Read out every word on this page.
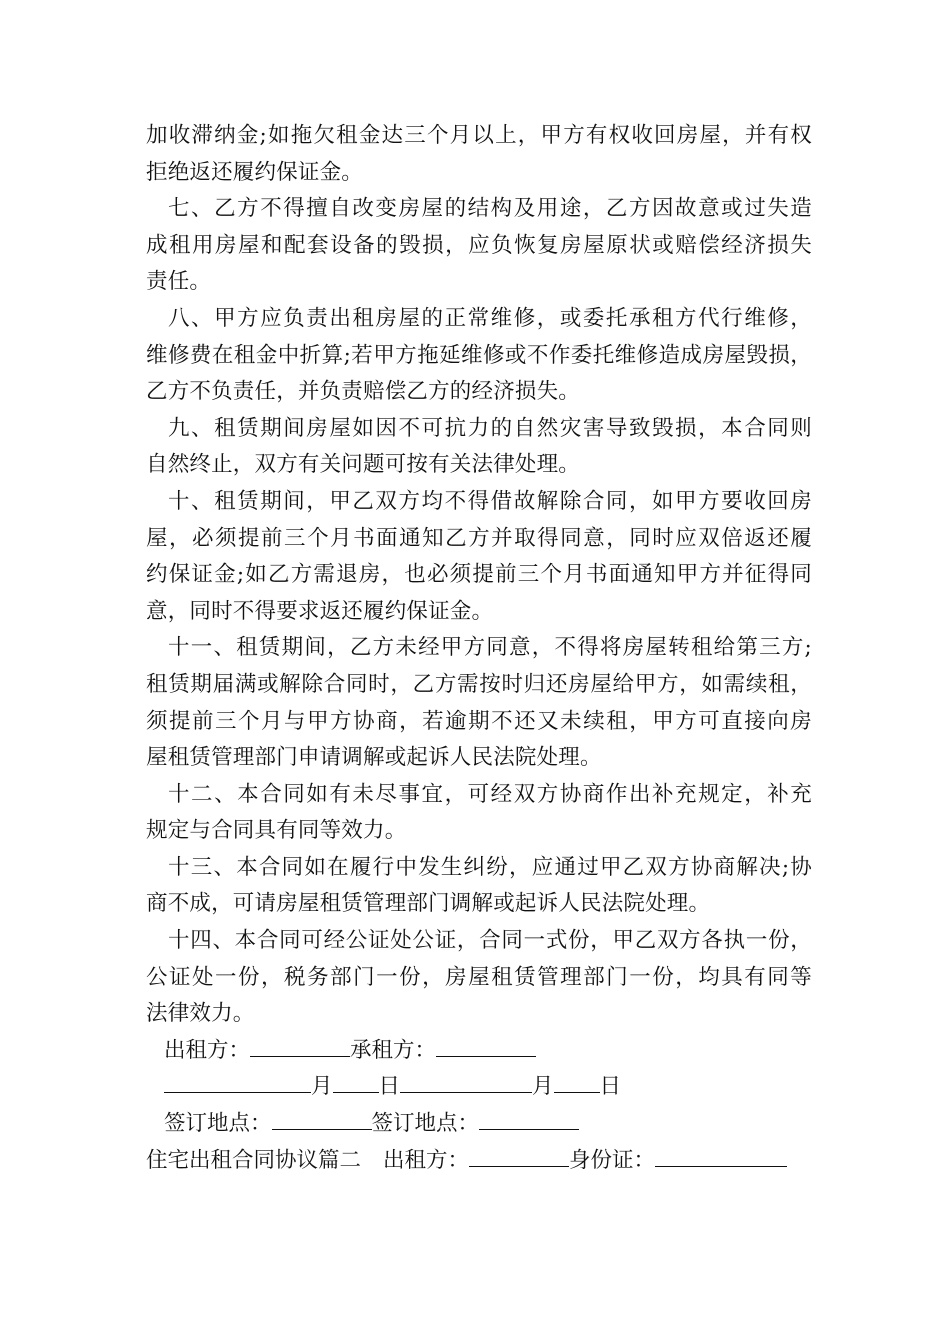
加收滞纳金;如拖欠租金达三个月以上，甲方有权收回房屋，并有权
拒绝返还履约保证金。
七、乙方不得擅自改变房屋的结构及用途，乙方因故意或过失造
成租用房屋和配套设备的毁损，应负恢复房屋原状或赔偿经济损失
责任。
八、甲方应负责出租房屋的正常维修，或委托承租方代行维修，
维修费在租金中折算;若甲方拖延维修或不作委托维修造成房屋毁损，
乙方不负责任，并负责赔偿乙方的经济损失。
九、租赁期间房屋如因不可抗力的自然灾害导致毁损，本合同则
自然终止，双方有关问题可按有关法律处理。
十、租赁期间，甲乙双方均不得借故解除合同，如甲方要收回房
屋，必须提前三个月书面通知乙方并取得同意，同时应双倍返还履
约保证金;如乙方需退房，也必须提前三个月书面通知甲方并征得同
意，同时不得要求返还履约保证金。
十一、租赁期间，乙方未经甲方同意，不得将房屋转租给第三方;
租赁期届满或解除合同时，乙方需按时归还房屋给甲方，如需续租，
须提前三个月与甲方协商，若逾期不还又未续租，甲方可直接向房
屋租赁管理部门申请调解或起诉人民法院处理。
十二、本合同如有未尽事宜，可经双方协商作出补充规定，补充
规定与合同具有同等效力。
十三、本合同如在履行中发生纠纷，应通过甲乙双方协商解决;协
商不成，可请房屋租赁管理部门调解或起诉人民法院处理。
十四、本合同可经公证处公证，合同一式份，甲乙双方各执一份，
公证处一份，税务部门一份，房屋租赁管理部门一份，均具有同等
法律效力。
出租方：	承租方：
月 日	月 日
签订地点：	签订地点：
住宅出租合同协议篇二 出租方：	身份证：
